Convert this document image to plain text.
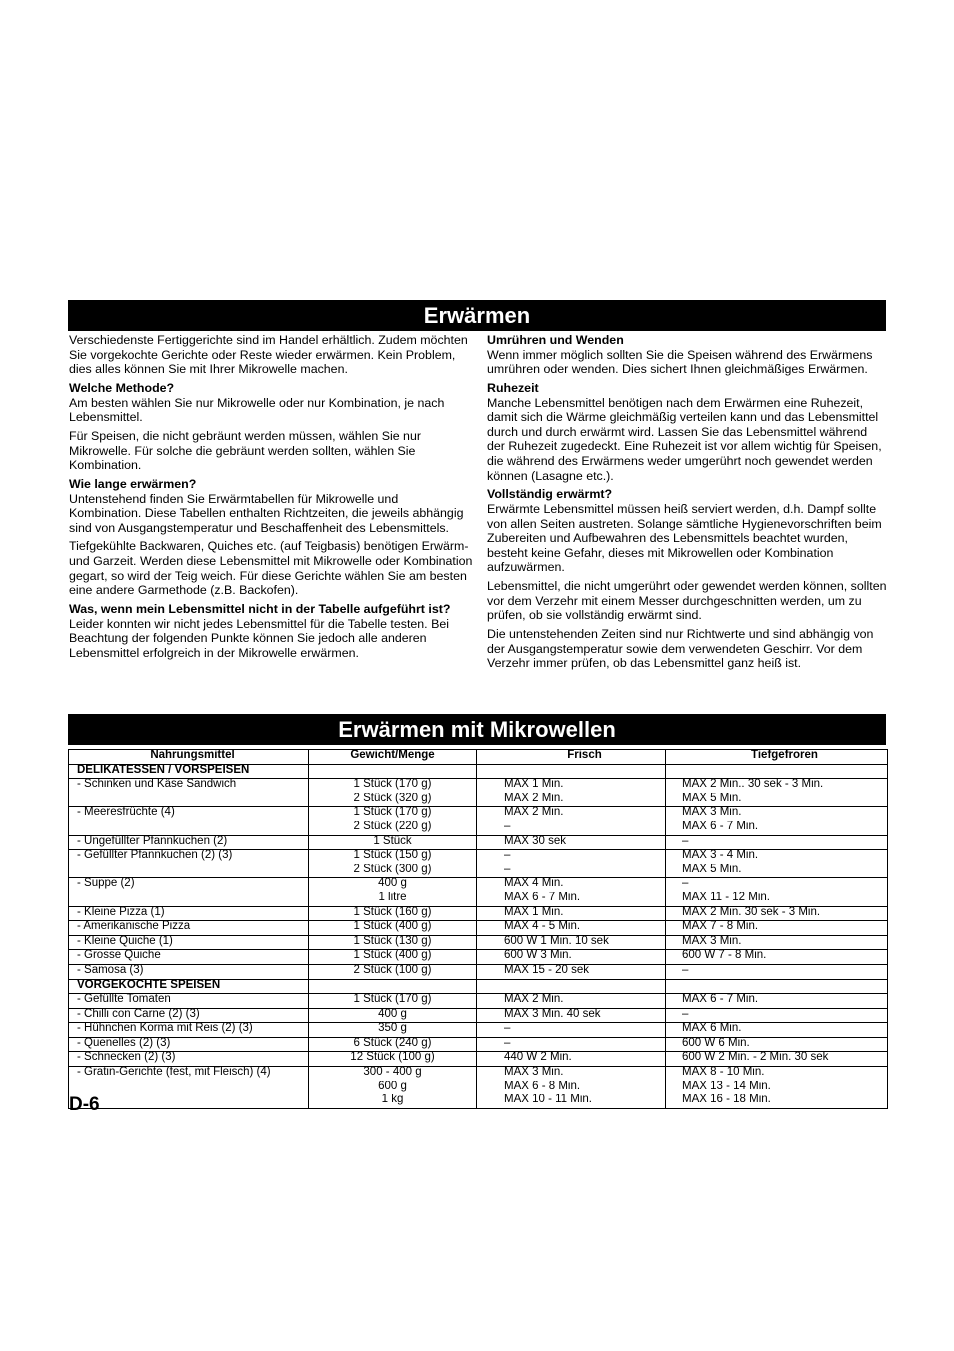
Erwärmen

Verschiedenste Fertiggerichte sind im Handel erhältlich. Zudem möchten Sie vorgekochte Gerichte oder Reste wieder erwärmen. Kein Problem, dies alles können Sie mit Ihrer Mikrowelle machen.

Welche Methode?

Am besten wählen Sie nur Mikrowelle oder nur Kombination, je nach Lebensmittel.

Für Speisen, die nicht gebräunt werden müssen, wählen Sie nur Mikrowelle. Für solche die gebräunt werden sollten, wählen Sie Kombination.

Wie lange erwärmen?

Untenstehend finden Sie Erwärmtabellen für Mikrowelle und Kombination. Diese Tabellen enthalten Richtzeiten, die jeweils abhängig sind von Ausgangstemperatur und Beschaffenheit des Lebensmittels.

Tiefgekühlte Backwaren, Quiches etc. (auf Teigbasis) benötigen Erwärm-und Garzeit. Werden diese Lebensmittel mit Mikrowelle oder Kombination gegart, so wird der Teig weich. Für diese Gerichte wählen Sie am besten eine andere Garmethode (z.B. Backofen).

Was, wenn mein Lebensmittel nicht in der Tabelle aufgeführt ist?

Leider konnten wir nicht jedes Lebensmittel für die Tabelle testen. Bei Beachtung der folgenden Punkte können Sie jedoch alle anderen Lebensmittel erfolgreich in der Mikrowelle erwärmen.

Umrühren und Wenden

Wenn immer möglich sollten Sie die Speisen während des Erwärmens umrühren oder wenden. Dies sichert Ihnen gleichmäßiges Erwärmen.

Ruhezeit

Manche Lebensmittel benötigen nach dem Erwärmen eine Ruhezeit, damit sich die Wärme gleichmäßig verteilen kann und das Lebensmittel durch und durch erwärmt wird. Lassen Sie das Lebensmittel während der Ruhezeit zugedeckt. Eine Ruhezeit ist vor allem wichtig für Speisen, die während des Erwärmens weder umgerührt noch gewendet werden können (Lasagne etc.).

Vollständig erwärmt?

Erwärmte Lebensmittel müssen heiß serviert werden, d.h. Dampf sollte von allen Seiten austreten. Solange sämtliche Hygienevorschriften beim Zubereiten und Aufbewahren des Lebensmittels beachtet wurden, besteht keine Gefahr, dieses mit Mikrowellen oder Kombination aufzuwärmen.

Lebensmittel, die nicht umgerührt oder gewendet werden können, sollten vor dem Verzehr mit einem Messer durchgeschnitten werden, um zu prüfen, ob sie vollständig erwärmt sind.

Die untenstehenden Zeiten sind nur Richtwerte und sind abhängig von der Ausgangstemperatur sowie dem verwendeten Geschirr. Vor dem Verzehr immer prüfen, ob das Lebensmittel ganz heiß ist.

Erwärmen mit Mikrowellen
Nahrungsmittel	Gewicht/Menge	Frisch	Tiefgefroren
DELIKATESSEN / VORSPEISEN			
- Schinken und Käse Sandwich	1 Stück (170 g)	MAX 1 Min.	MAX 2 Min.. 30 sek - 3 Min.
	2 Stück (320 g)	MAX 2 Min.	MAX 5 Min.
- Meeresfrüchte (4)	1 Stück (170 g)	MAX 2 Min.	MAX 3 Min.
	2 Stück (220 g)	–	MAX 6 - 7 Min.
- Ungefüllter Pfannkuchen (2)	1 Stück	MAX 30 sek	–
- Gefüllter Pfannkuchen (2) (3)	1 Stück (150 g)	–	MAX 3 - 4 Min.
	2 Stück (300 g)	–	MAX 5 Min.
- Suppe (2)	400 g	MAX 4 Min.	–
	1 litre	MAX 6 - 7 Min.	MAX 11 - 12 Min.
- Kleine Pizza (1)	1 Stück (160 g)	MAX 1 Min.	MAX 2 Min. 30 sek - 3 Min.
- Amerikanische Pizza	1 Stück (400 g)	MAX 4 - 5 Min.	MAX 7 - 8 Min.
- Kleine Quiche (1)	1 Stück (130 g)	600 W 1 Min. 10 sek	MAX 3 Min.
- Grosse Quiche	1 Stück (400 g)	600 W 3 Min.	600 W 7 - 8 Min.
- Samosa (3)	2 Stück (100 g)	MAX 15 - 20 sek	–
VORGEKOCHTE SPEISEN			
- Gefüllte Tomaten	1 Stück (170 g)	MAX 2 Min.	MAX 6 - 7 Min.
- Chilli con Carne (2) (3)	400 g	MAX 3 Min. 40 sek	–
- Hühnchen Korma mit Reis (2) (3)	350 g	–	MAX 6 Min.
- Quenelles (2) (3)	6 Stück (240 g)	–	600 W 6 Min.
- Schnecken (2) (3)	12 Stück (100 g)	440 W 2 Min.	600 W 2 Min. - 2 Min. 30 sek
- Gratin-Gerichte (fest, mit Fleisch) (4)	300 - 400 g	MAX 3 Min.	MAX 8 - 10 Min.
	600 g	MAX 6 - 8 Min.	MAX 13 - 14 Min.
	1 kg	MAX 10 - 11 Min.	MAX 16 - 18 Min.
D-6
